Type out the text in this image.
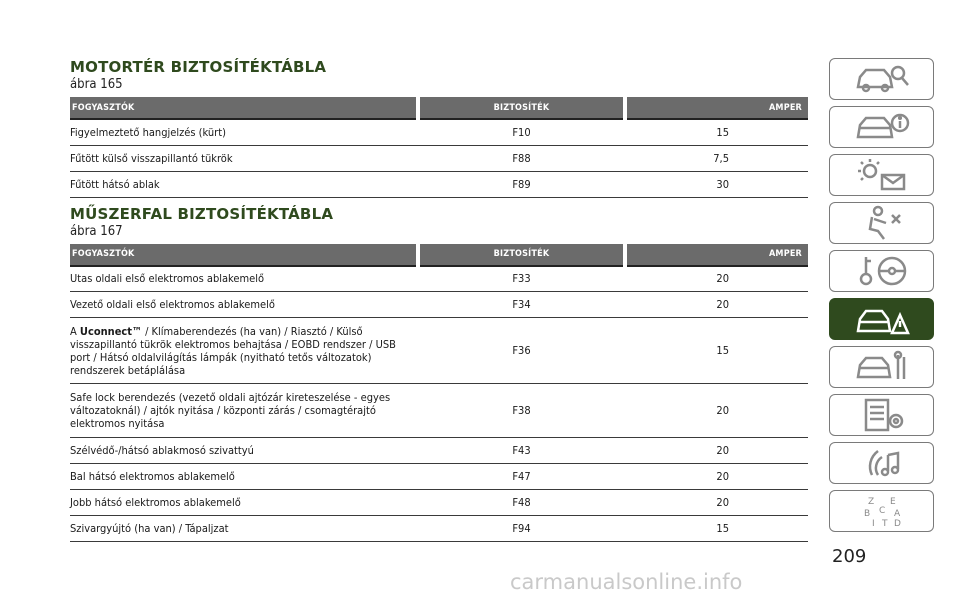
MOTORTÉR BIZTOSÍTÉKTÁBLA
ábra 165
FOGYASZTÓK	BIZTOSÍTÉK	AMPER
Figyelmeztető hangjelzés (kürt)	F10	15
Fűtött külső visszapillantó tükrök	F88	7,5
Fűtött hátsó ablak	F89	30
MŰSZERFAL BIZTOSÍTÉKTÁBLA
ábra 167
FOGYASZTÓK	BIZTOSÍTÉK	AMPER
Utas oldali első elektromos ablakemelő	F33	20
Vezető oldali első elektromos ablakemelő	F34	20
A Uconnect™ / Klímaberendezés (ha van) / Riasztó / Külső visszapillantó tükrök elektromos behajtása / EOBD rendszer / USB port / Hátsó oldalvilágítás lámpák (nyitható tetős változatok) rendszerek betáplálása	F36	15
Safe lock berendezés (vezető oldali ajtózár kireteszelése - egyes változatoknál) / ajtók nyitása / központi zárás / csomagtérajtó elektromos nyitása	F38	20
Szélvédő-/hátsó ablakmosó szivattyú	F43	20
Bal hátsó elektromos ablakemelő	F47	20
Jobb hátsó elektromos ablakemelő	F48	20
Szivargyújtó (ha van) / Tápaljzat	F94	15
Z E
B C A
I T D
209
carmanualsonline.info
